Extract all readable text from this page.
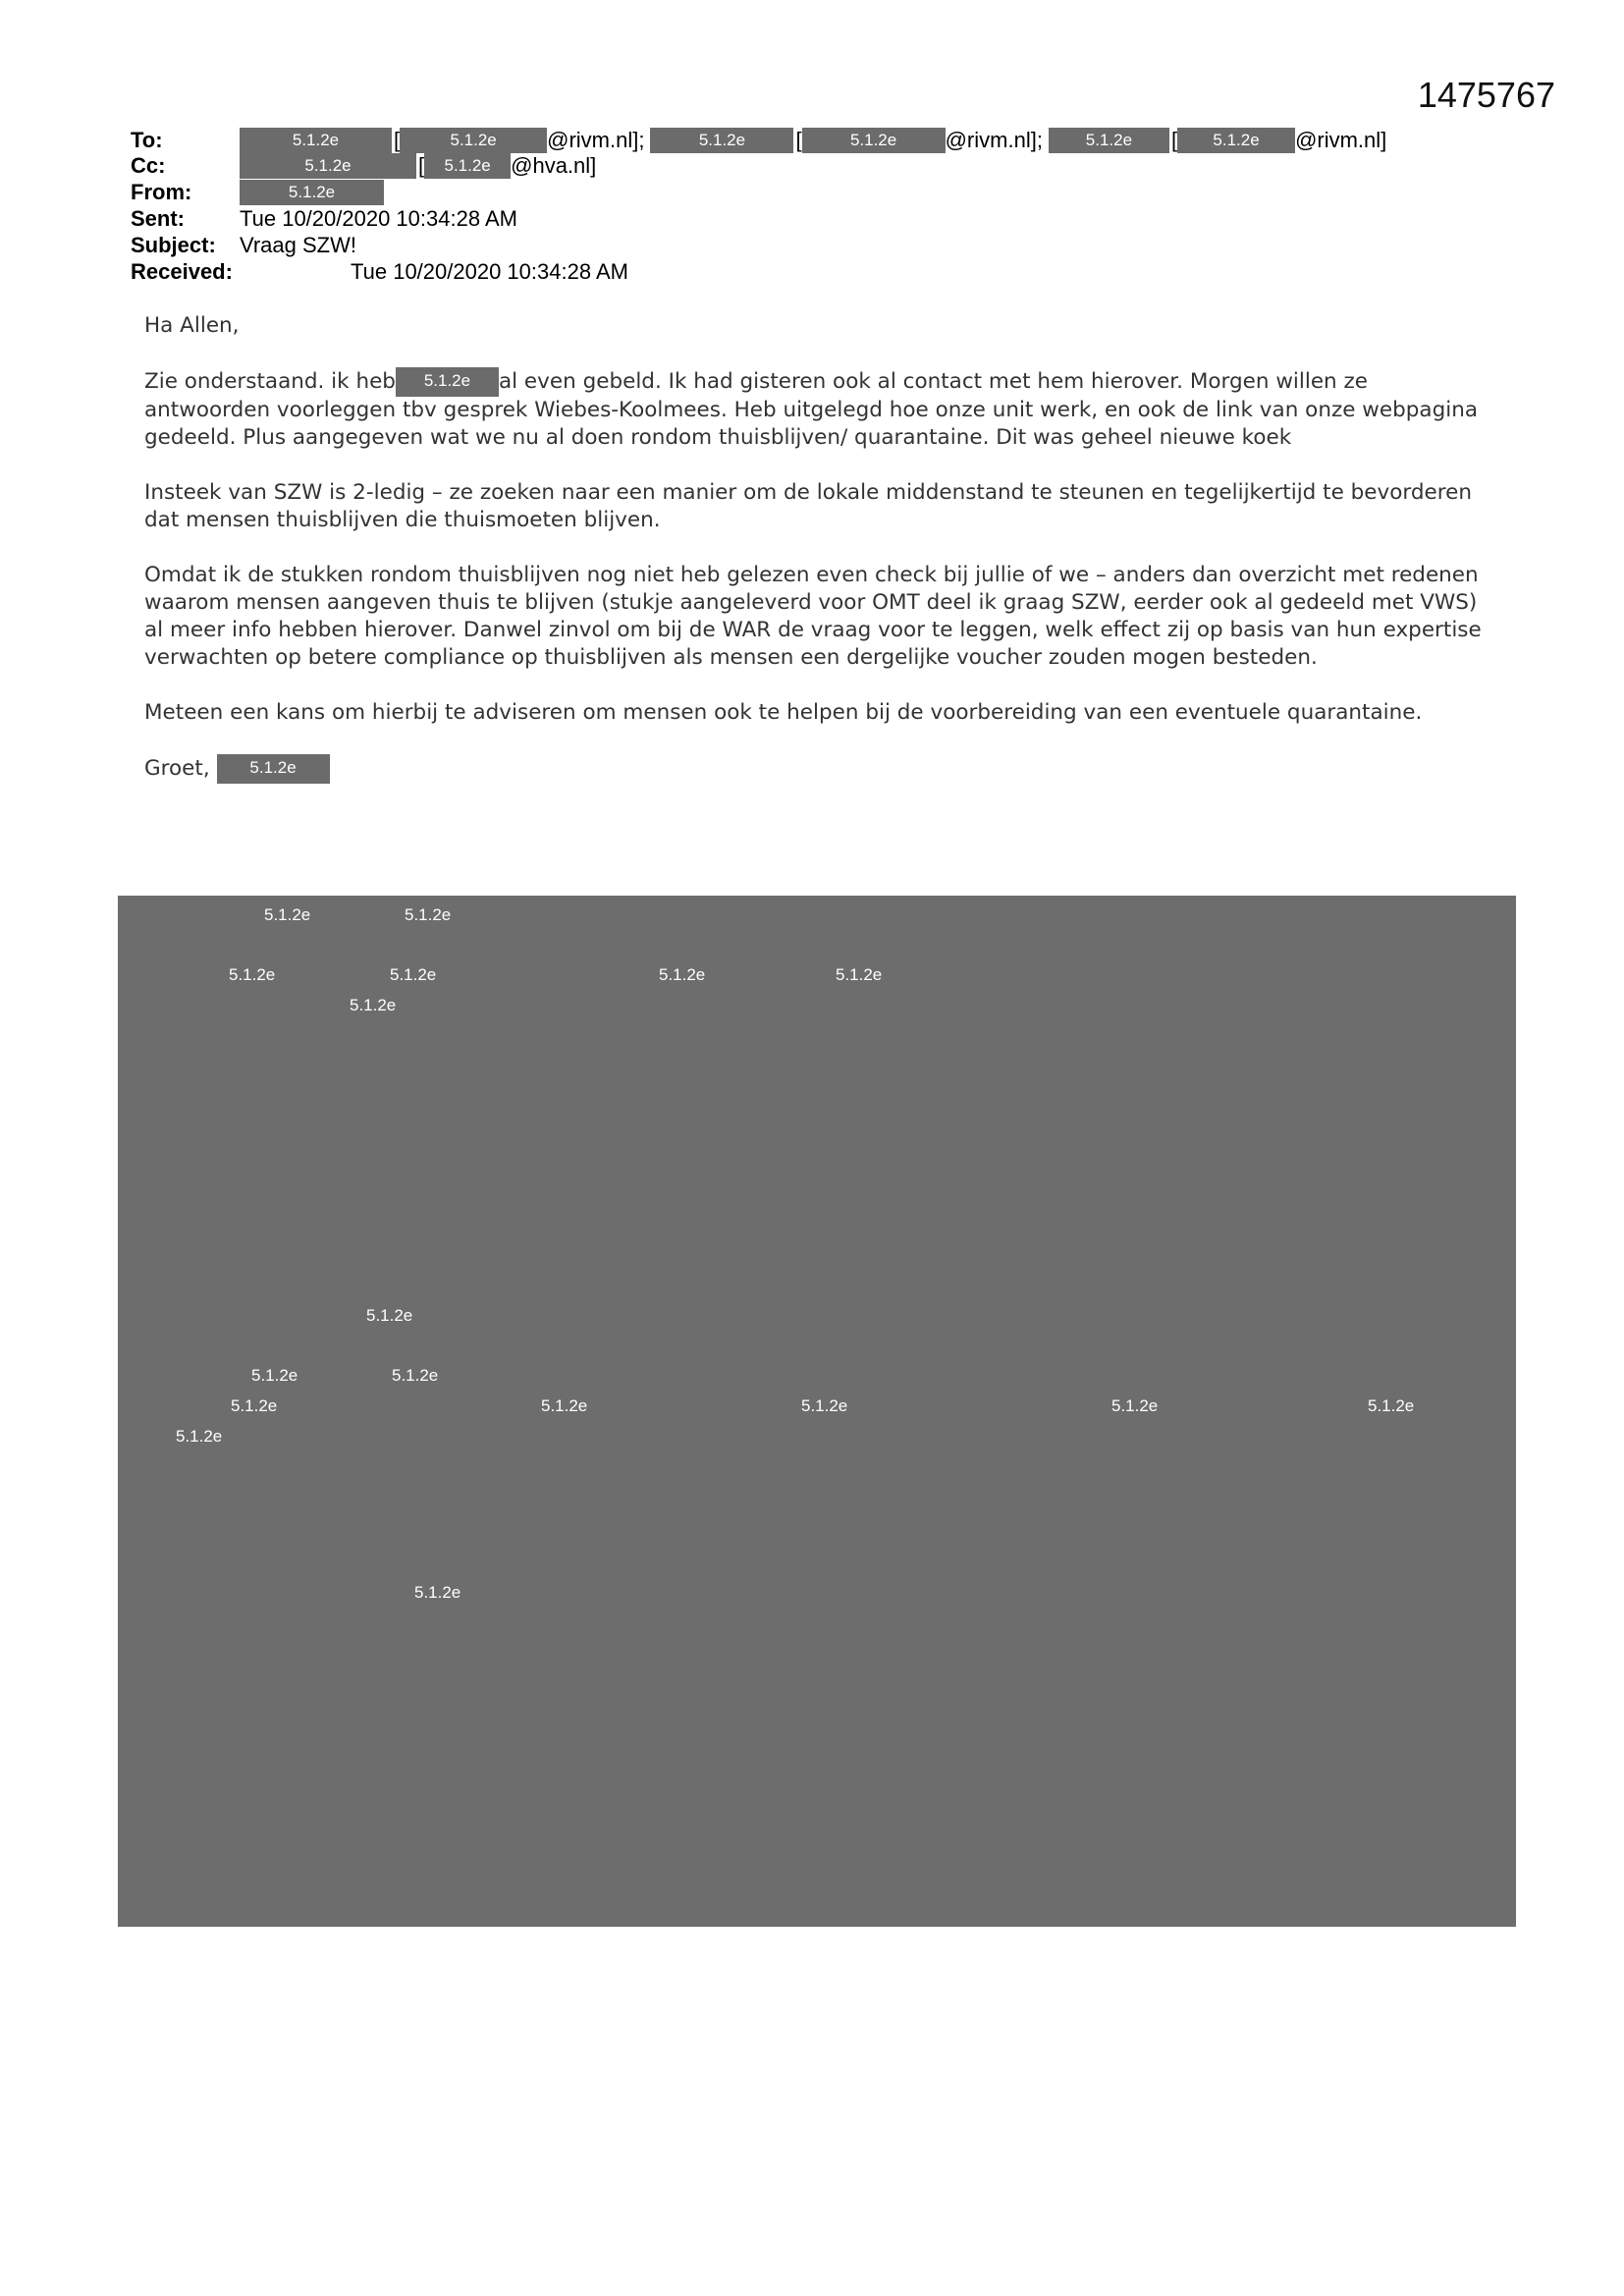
1475767
To:	5.1.2e	[	5.1.2e	@rivm.nl];	5.1.2e	[	5.1.2e	@rivm.nl];	5.1.2e	[	5.1.2e	@rivm.nl]
Cc:	5.1.2e	[	5.1.2e @hva.nl]
From:	5.1.2e
Sent:	Tue 10/20/2020 10:34:28 AM
Subject: Vraag SZW!
Received:	Tue 10/20/2020 10:34:28 AM

Ha Allen,

Zie onderstaand. ik heb 5.1.2e al even gebeld. Ik had gisteren ook al contact met hem hierover. Morgen willen ze antwoorden voorleggen tbv gesprek Wiebes-Koolmees. Heb uitgelegd hoe onze unit werk, en ook de link van onze webpagina gedeeld. Plus aangegeven wat we nu al doen rondom thuisblijven/ quarantaine. Dit was geheel nieuwe koek

Insteek van SZW is 2-ledig – ze zoeken naar een manier om de lokale middenstand te steunen en tegelijkertijd te bevorderen dat mensen thuisblijven die thuismoeten blijven.

Omdat ik de stukken rondom thuisblijven nog niet heb gelezen even check bij jullie of we – anders dan overzicht met redenen waarom mensen aangeven thuis te blijven (stukje aangeleverd voor OMT deel ik graag SZW, eerder ook al gedeeld met VWS) al meer info hebben hierover. Danwel zinvol om bij de WAR de vraag voor te leggen, welk effect zij op basis van hun expertise verwachten op betere compliance op thuisblijven als mensen een dergelijke voucher zouden mogen besteden.

Meteen een kans om hierbij te adviseren om mensen ook te helpen bij de voorbereiding van een eventuele quarantaine.

Groet, 5.1.2e

5.1.2e	5.1.2e
5.1.2e	5.1.2e	5.1.2e	5.1.2e
5.1.2e
5.1.2e
5.1.2e	5.1.2e
5.1.2e	5.1.2e	5.1.2e	5.1.2e	5.1.2e
5.1.2e
5.1.2e
